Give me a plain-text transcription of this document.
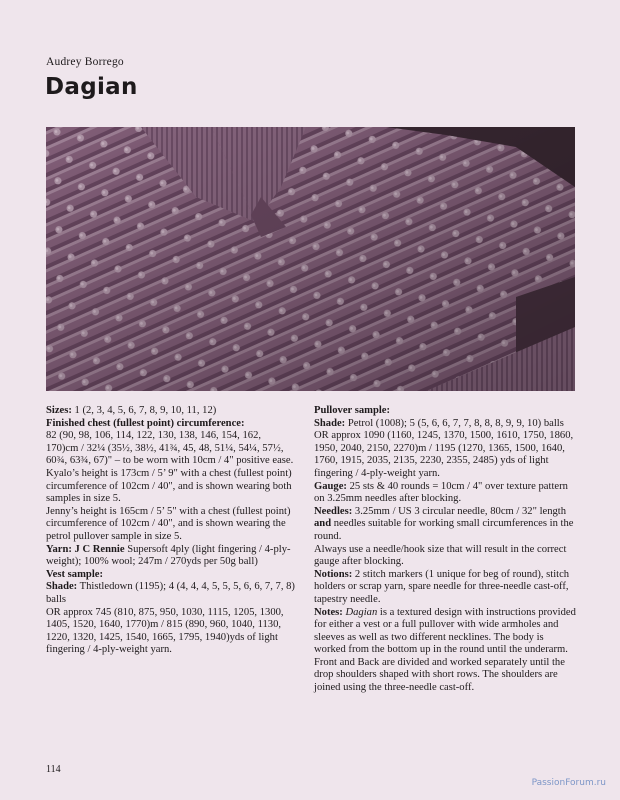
Audrey Borrego
Dagian

Sizes: 1 (2, 3, 4, 5, 6, 7, 8, 9, 10, 11, 12)

Finished chest (fullest point) circumference:

82 (90, 98, 106, 114, 122, 130, 138, 146, 154, 162, 170)cm / 32¼ (35½, 38½, 41¾, 45, 48, 51¼, 54¼, 57½, 60¾, 63¾, 67)" – to be worn with 10cm / 4" positive ease.

Kyalo’s height is 173cm / 5’ 9" with a chest (fullest point) circumference of 102cm / 40", and is shown wearing both samples in size 5.

Jenny’s height is 165cm / 5’ 5" with a chest (fullest point) circumference of 102cm / 40", and is shown wearing the petrol pullover sample in size 5.

Yarn: J C Rennie Supersoft 4ply (light fingering / 4-ply-weight); 100% wool; 247m / 270yds per 50g ball)

Vest sample:

Shade: Thistledown (1195); 4 (4, 4, 4, 5, 5, 5, 6, 6, 7, 7, 8) balls

OR approx 745 (810, 875, 950, 1030, 1115, 1205, 1300, 1405, 1520, 1640, 1770)m / 815 (890, 960, 1040, 1130, 1220, 1320, 1425, 1540, 1665, 1795, 1940)yds of light fingering / 4-ply-weight yarn.

Pullover sample:

Shade: Petrol (1008); 5 (5, 6, 6, 7, 7, 8, 8, 8, 9, 9, 10) balls OR approx 1090 (1160, 1245, 1370, 1500, 1610, 1750, 1860, 1950, 2040, 2150, 2270)m / 1195 (1270, 1365, 1500, 1640, 1760, 1915, 2035, 2135, 2230, 2355, 2485) yds of light fingering / 4-ply-weight yarn.

Gauge: 25 sts & 40 rounds = 10cm / 4" over texture pattern on 3.25mm needles after blocking.

Needles: 3.25mm / US 3 circular needle, 80cm / 32" length and needles suitable for working small circumferences in the round.

Always use a needle/hook size that will result in the correct gauge after blocking.

Notions: 2 stitch markers (1 unique for beg of round), stitch holders or scrap yarn, spare needle for three-needle cast-off, tapestry needle.

Notes: Dagian is a textured design with instructions provided for either a vest or a full pullover with wide armholes and sleeves as well as two different necklines. The body is worked from the bottom up in the round until the underarm. Front and Back are divided and worked separately until the drop shoulders shaped with short rows. The shoulders are joined using the three-needle cast-off.

114
PassionForum.ru
